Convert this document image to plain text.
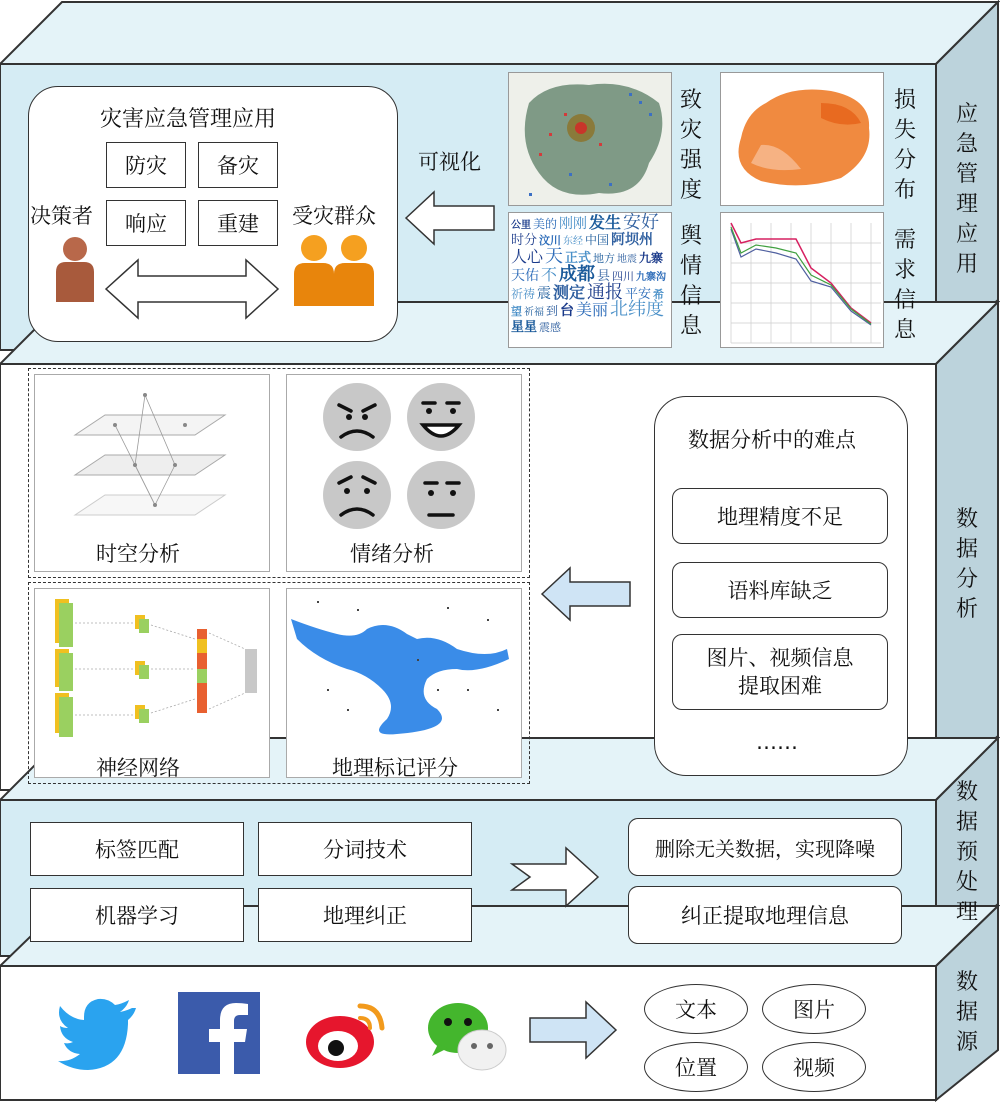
应急管理应用
数据分析
数据预处理
数据源
灾害应急管理应用
防灾	备灾
响应	重建
决策者	受灾群众
可视化
致灾强度
损失分布
公里 美的 刚刚 发生 安好时分 汶川 东经 中国 阿坝州人心 天 正式 地方 地震 九寨天佑 不 成都 县 四川 九寨沟祈祷 震 测定 通报 平安 希望 祈福 到 台 美丽 北纬度星星 震感
舆情信息
需求信息
时空分析	情绪分析
神经网络	地理标记评分
数据分析中的难点
地理精度不足
语料库缺乏
图片、视频信息
提取困难
……
标签匹配	分词技术
机器学习	地理纠正
删除无关数据，实现降噪
纠正提取地理信息
文本	图片
位置	视频
